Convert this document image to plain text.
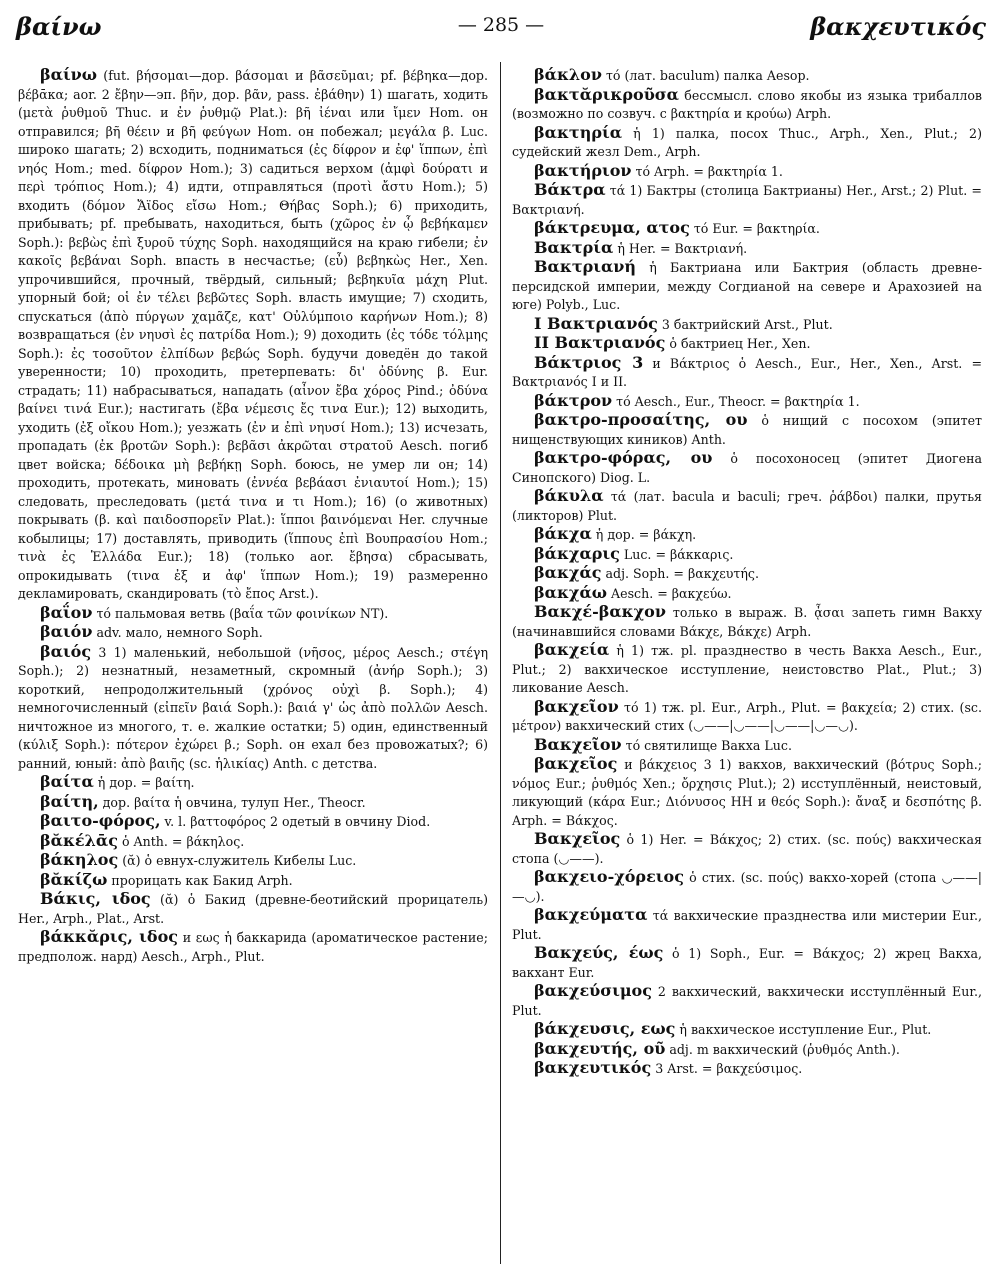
βαίνω	— 285 —	βακχευτικός

βαίνω (fut. βήσομαι—дор. βάσομαι и βᾶσεῦμαι; pf. βέβηκα—дор. βέβᾱκα; aor. 2 ἔβην—эп. βῆν, дор. βᾶν, pass. ἐβάθην) 1) шагать, ходить (μετὰ ῥυθμοῦ Thuc. и ἐν ῥυθμῷ Plat.): βῆ ἰέναι или ἴμεν Hom. он отправился; βῆ θέειν и βῆ φεύγων Hom. он побежал; μεγάλα β. Luc. широко шагать; 2) всходить, подниматься (ἐς δίφρον и ἐφ' ἵππων, ἐπὶ νηός Hom.; med. δίφρον Hom.); 3) садиться верхом (ἀμφὶ δούρατι и περὶ τρόπιος Hom.); 4) идти, отправляться (προτὶ ἄστυ Hom.); 5) входить (δόμον Ἄϊδος εἴσω Hom.; Θήβας Soph.); 6) приходить, прибывать; pf. пребывать, находиться, быть (χῶρος ἐν ᾧ βεβήκαμεν Soph.): βεβὼς ἐπὶ ξυροῦ τύχης Soph. находящийся на краю гибели; ἐν κακοῖς βεβάναι Soph. впасть в несчастье; (εὖ) βεβηκὼς Her., Xen. упрочившийся, прочный, твёрдый, сильный; βεβηκυῖα μάχη Plut. упорный бой; οἱ ἐν τέλει βεβῶτες Soph. власть имущие; 7) сходить, спускаться (ἀπὸ πύργων χαμᾶζε, κατ' Οὐλύμποιο καρήνων Hom.); 8) возвращаться (ἐν νηυσὶ ἐς πατρίδα Hom.); 9) доходить (ἐς τόδε τόλμης Soph.): ἐς τοσοῦτον ἐλπίδων βεβώς Soph. будучи доведён до такой уверенности; 10) проходить, претерпевать: δι' ὀδύνης β. Eur. страдать; 11) набрасываться, нападать (αἶνον ἔβα χόρος Pind.; ὀδύνα βαίνει τινά Eur.); настигать (ἔβα νέμεσις ἔς τινα Eur.); 12) выходить, уходить (ἐξ οἴκου Hom.); уезжать (ἐν и ἐπὶ νηυσί Hom.); 13) исчезать, пропадать (ἐκ βροτῶν Soph.): βεβᾶσι ἀκρῶται στρατοῦ Aesch. погиб цвет войска; δέδοικα μὴ βεβήκῃ Soph. боюсь, не умер ли он; 14) проходить, протекать, миновать (ἐννέα βεβάασι ἐνιαυτοί Hom.); 15) следовать, преследовать (μετά τινα и τι Hom.); 16) (о животных) покрывать (β. καὶ παιδοσπορεῖν Plat.): ἵπποι βαινόμεναι Her. случные кобылицы; 17) доставлять, приводить (ἵππους ἐπὶ Βουπρασίου Hom.; τινὰ ἐς Ἑλλάδα Eur.); 18) (только aor. ἔβησα) сбрасывать, опрокидывать (τινα ἐξ и ἀφ' ἵππων Hom.); 19) размеренно декламировать, скандировать (τὸ ἔπος Arst.).

βαΐον τό пальмовая ветвь (βαΐα τῶν φοινίκων NT).

βαιόν adv. мало, немного Soph.

βαιός 3 1) маленький, небольшой (νῆσος, μέρος Aesch.; στέγη Soph.); 2) незнатный, незаметный, скромный (ἀνήρ Soph.); 3) короткий, непродолжительный (χρόνος οὐχὶ β. Soph.); 4) немногочисленный (εἰπεῖν βαιά Soph.): βαιά γ' ὡς ἀπὸ πολλῶν Aesch. ничтожное из многого, т. е. жалкие остатки; 5) один, единственный (κύλιξ Soph.): πότερον ἐχώρει β.; Soph. он ехал без провожатых?; 6) ранний, юный: ἀπὸ βαιῆς (sc. ἡλικίας) Anth. с детства.

βαίτα ἡ дор. = βαίτη.

βαίτη, дор. βαίτα ἡ овчина, тулуп Her., Theocr.

βαιτο-φόρος, v. l. βαττοφόρος 2 одетый в овчину Diod.

βᾰκέλᾱς ὁ Anth. = βάκηλος.

βάκηλος (ᾰ) ὁ евнух-служитель Кибелы Luc.

βᾰκίζω прорицать как Бакид Arph.

Βάκις, ιδος (ᾰ) ὁ Бакид (древне-беотийский прорицатель) Her., Arph., Plat., Arst.

βάκκᾰρις, ιδος и εως ἡ баккарида (ароматическое растение; предполож. нард) Aesch., Arph., Plut.

βάκλον τό (лат. baculum) палка Aesop.

βακτᾰρικροῦσα бессмысл. слово якобы из языка трибаллов (возможно по созвуч. с βακτηρία и κρούω) Arph.

βακτηρία ἡ 1) палка, посох Thuc., Arph., Xen., Plut.; 2) судейский жезл Dem., Arph.

βακτήριον τό Arph. = βακτηρία 1.

Βάκτρα τά 1) Бактры (столица Бактрианы) Her., Arst.; 2) Plut. = Βακτριανή.

βάκτρευμα, ατος τό Eur. = βακτηρία.

Βακτρία ἡ Her. = Βακτριανή.

Βακτριανή ἡ Бактриана или Бактрия (область древне-персидской империи, между Согдианой на севере и Арахозией на юге) Polyb., Luc.

I Βακτριανός 3 бактрийский Arst., Plut.

II Βακτριανός ὁ бактриец Her., Xen.

Βάκτριος 3 и Βάκτριος ὁ Aesch., Eur., Her., Xen., Arst. = Βακτριανός I и II.

βάκτρον τό Aesch., Eur., Theocr. = βακτηρία 1.

βακτρο-προσαίτης, ου ὁ нищий с посохом (эпитет нищенствующих киников) Anth.

βακτρο-φόρας, ου ὁ посохоносец (эпитет Диогена Синопского) Diog. L.

βάκυλα τά (лат. bacula и baculi; греч. ῥάβδοι) палки, прутья (ликторов) Plut.

βάκχα ἡ дор. = βάκχη.

βάκχαρις Luc. = βάκκαρις.

βακχάς adj. Soph. = βακχευτής.

βακχάω Aesch. = βακχεύω.

Βακχέ-βακχον только в выраж. Β. ᾆσαι запеть гимн Вакху (начинавшийся словами Βάκχε, Βάκχε) Arph.

βακχεία ἡ 1) тж. pl. празднество в честь Вакха Aesch., Eur., Plut.; 2) вакхическое исступление, неистовство Plat., Plut.; 3) ликование Aesch.

βακχεῖον τό 1) тж. pl. Eur., Arph., Plut. = βακχεία; 2) стих. (sc. μέτρον) вакхический стих (◡——|◡——|◡——|◡—◡).

Βακχεῖον τό святилище Вакха Luc.

βακχεῖος и βάκχειος 3 1) вакхов, вакхический (βότρυς Soph.; νόμος Eur.; ῥυθμός Xen.; ὄρχησις Plut.); 2) исступлённый, неистовый, ликующий (κάρα Eur.; Διόνυσος HH и θεός Soph.): ἄναξ и δεσπότης β. Arph. = Βάκχος.

Βακχεῖος ὁ 1) Her. = Βάκχος; 2) стих. (sc. πούς) вакхическая стопа (◡——).

βακχειο-χόρειος ὁ стих. (sc. πούς) вакхо-хорей (стопа ◡——|—◡).

βακχεύματα τά вакхические празднества или мистерии Eur., Plut.

Βακχεύς, έως ὁ 1) Soph., Eur. = Βάκχος; 2) жрец Вакха, вакхант Eur.

βακχεύσιμος 2 вакхический, вакхически исступлённый Eur., Plut.

βάκχευσις, εως ἡ вакхическое исступление Eur., Plut.

βακχευτής, οῦ adj. m вакхический (ῥυθμός Anth.).

βακχευτικός 3 Arst. = βακχεύσιμος.
